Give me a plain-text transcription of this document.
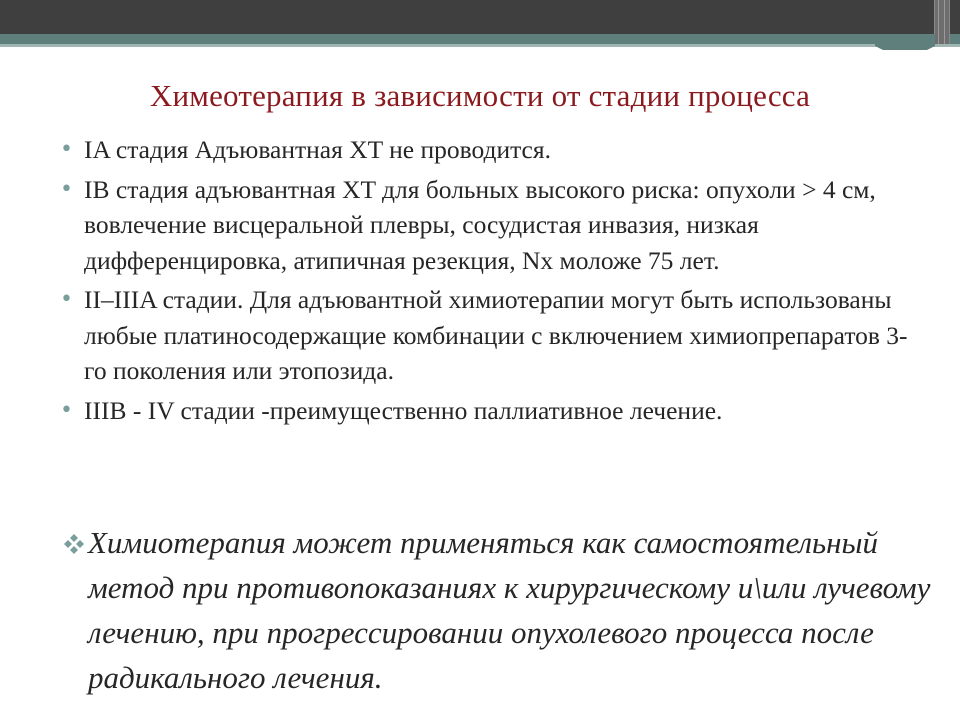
Химеотерапия в зависимости от стадии процесса
• IA стадия Адъювантная XT не проводится.
• IB стадия адъювантная XT для больных высокого риска: опухоли > 4 см, вовлечение висцеральной плевры, сосудистая инвазия, низкая дифференцировка, атипичная резекция, Nx моложе 75 лет.
• II–IIIA стадии. Для адъювантной химиотерапии могут быть использованы любые платиносодержащие комбинации с включением химиопрепаратов 3-го поколения или этопозида.
• IIIB - IV стадии -преимущественно паллиативное лечение.
Химиотерапия может применяться как самостоятельный метод при противопоказаниях к хирургическому и\или лучевому лечению, при прогрессировании опухолевого процесса после радикального лечения.
